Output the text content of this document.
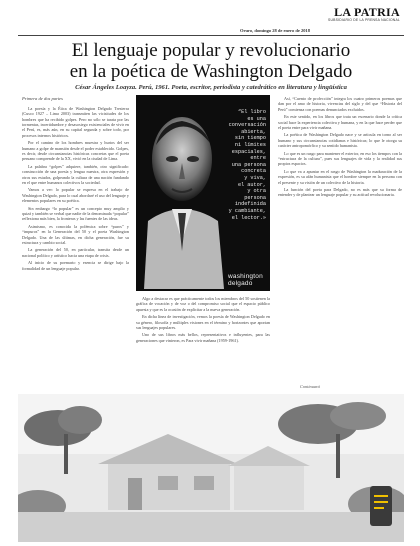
LA PATRIA
SUBSIDIARIO DE LA PRENSA NACIONAL
Oruro, domingo 28 de enero de 2018
El lenguaje popular y revolucionario
en la poética de Washington Delgado
César Ángeles Loayza. Perú, 1961. Poeta, escritor, periodista y catedrático en literatura y lingüística
Primera de dos partes

La poesía y la Ética de Washington Delgado Tresierra (Cusco 1927 – Lima 2003) transmiten las vicisitudes de los hombres que ha recibido golpes. Pero no sólo se tarata por las tormentas, incertidumbre y desasosiego existenciales de vivir en el Perú, es, más aún, en su capital segunda y sobre todo, por procesos internos históricos.

Por el camino de los hombres muestra y hurtos del ser humano a golpe de mansión desde el poder establecido. Golpes, es decir, desde circunstancias históricas concretas que el poeta peruano comprende de la XX, vivió en la ciudad de Lima.

La palabra “golpes” adquiere, también, otro significado: construcción de una poesía y lengua nuestra, otra expresión y otros sus estados, golpeando la cultura de una nación fundando en el que entre humanos colectivos la sociedad.

Vamos a ver: lo popular se expresa en el trabajo de Washington Delgado, para lo cual abordaré el uso del lenguaje y elementos populares en su poética.

Sin embargo “lo popular” es un concepto muy amplio y quizá y también se verbal que nadie de la denominada “popular” reflexiona más bien, la fronteras y las fuentes de las ideas.

Asimismo, es conocida la polémica sobre “puros” y “impuros” en la Generación del 50 y el poeta Washington Delgado. Una de las últimas, en dicha generación, fue su estructura y cambio social.

La generación del 50, en particular, transita desde un nacional político y artístico hacia una etapa de crisis.

Al inicio de su poemario y esencia se dirige bajo la formalidad de un lenguaje popular.

“El libro
es una
conversación
abierta,
sin tiempo
ni límites
espaciales,
entre
una persona
concreta
y viva,
el autor,
y otra
persona
indefinida
y cambiante,
el lector.»
washington delgado

Algo a destacar es que prácticamente todos los miembros del 50 sostienen la gráfica de vocación y de voz o del compromiso social que el espacio público apuesta y que es la ocasión de explicitar a la nueva generación.

En dicha línea de investigación, vemos la poesía de Washington Delgado en su género, filosofía y múltiples visiones en el término y horizontes que aportan sus lenguajes populares.

Uno de sus libros más bellos, representativos e influyentes, para las generaciones que vinieron, es Para vivir mañana (1959-1961).

Así, “Cuento de profección” integra los cuatro primeros poemas que dan por el amo de historia, vivencias del siglo y del que “Historia del Perú” comienza con poemas denunciados excluidos.

En este sentido, en los libros que trata un escenario donde la crítica social hace la experiencia colectiva y humana, y en la que hace perder que el poeta entre para vivir mañana.

La poética de Washington Delgado nace y se articula en torno al ser humano y sus circunstancias cotidianas e históricas; lo que le otorga su carácter antropomórfico y su sentido humanista.

Lo que es un rasgo para mantener el exterior, en eso los tiempos con la “estructura de la cultura”, pues sus lenguajes de vida y la realidad sus propios espacios.

Lo que va a apuntar en el rasgo de Washington la maduración de la expresión, es su afán humanista que el hombre siempre en la persona con el presente y su visión de un colectivo de la historia.

La función del poeta para Delgado, no es más que su forma de entender y de plantear un lenguaje popular y su actitud revolucionaria.

Continuará
